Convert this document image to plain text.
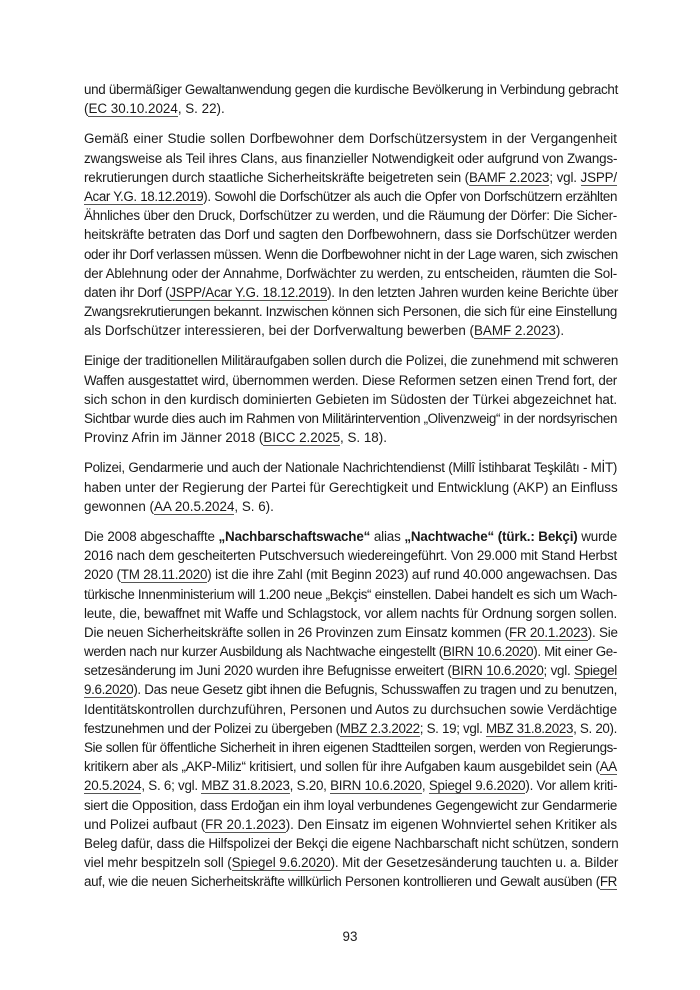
und übermäßiger Gewaltanwendung gegen die kurdische Bevölkerung in Verbindung gebracht
(EC 30.10.2024, S. 22).
Gemäß einer Studie sollen Dorfbewohner dem Dorfschützersystem in der Vergangenheit
zwangsweise als Teil ihres Clans, aus finanzieller Notwendigkeit oder aufgrund von Zwangs-
rekrutierungen durch staatliche Sicherheitskräfte beigetreten sein (BAMF 2.2023; vgl. JSPP/
Acar Y.G. 18.12.2019). Sowohl die Dorfschützer als auch die Opfer von Dorfschützern erzählten
Ähnliches über den Druck, Dorfschützer zu werden, und die Räumung der Dörfer: Die Sicher-
heitskräfte betraten das Dorf und sagten den Dorfbewohnern, dass sie Dorfschützer werden
oder ihr Dorf verlassen müssen. Wenn die Dorfbewohner nicht in der Lage waren, sich zwischen
der Ablehnung oder der Annahme, Dorfwächter zu werden, zu entscheiden, räumten die Sol-
daten ihr Dorf (JSPP/Acar Y.G. 18.12.2019). In den letzten Jahren wurden keine Berichte über
Zwangsrekrutierungen bekannt. Inzwischen können sich Personen, die sich für eine Einstellung
als Dorfschützer interessieren, bei der Dorfverwaltung bewerben (BAMF 2.2023).
Einige der traditionellen Militäraufgaben sollen durch die Polizei, die zunehmend mit schweren
Waffen ausgestattet wird, übernommen werden. Diese Reformen setzen einen Trend fort, der
sich schon in den kurdisch dominierten Gebieten im Südosten der Türkei abgezeichnet hat.
Sichtbar wurde dies auch im Rahmen von Militärintervention „Olivenzweig“ in der nordsyrischen
Provinz Afrin im Jänner 2018 (BICC 2.2025, S. 18).
Polizei, Gendarmerie und auch der Nationale Nachrichtendienst (Millî İstihbarat Teşkilâtı - MİT)
haben unter der Regierung der Partei für Gerechtigkeit und Entwicklung (AKP) an Einfluss
gewonnen (AA 20.5.2024, S. 6).
Die 2008 abgeschaffte „Nachbarschaftswache“ alias „Nachtwache“ (türk.: Bekçi) wurde
2016 nach dem gescheiterten Putschversuch wiedereingeführt. Von 29.000 mit Stand Herbst
2020 (TM 28.11.2020) ist die ihre Zahl (mit Beginn 2023) auf rund 40.000 angewachsen. Das
türkische Innenministerium will 1.200 neue „Bekçis“ einstellen. Dabei handelt es sich um Wach-
leute, die, bewaffnet mit Waffe und Schlagstock, vor allem nachts für Ordnung sorgen sollen.
Die neuen Sicherheitskräfte sollen in 26 Provinzen zum Einsatz kommen (FR 20.1.2023). Sie
werden nach nur kurzer Ausbildung als Nachtwache eingestellt (BIRN 10.6.2020). Mit einer Ge-
setzesänderung im Juni 2020 wurden ihre Befugnisse erweitert (BIRN 10.6.2020; vgl. Spiegel
9.6.2020). Das neue Gesetz gibt ihnen die Befugnis, Schusswaffen zu tragen und zu benutzen,
Identitätskontrollen durchzuführen, Personen und Autos zu durchsuchen sowie Verdächtige
festzunehmen und der Polizei zu übergeben (MBZ 2.3.2022; S. 19; vgl. MBZ 31.8.2023, S. 20).
Sie sollen für öffentliche Sicherheit in ihren eigenen Stadtteilen sorgen, werden von Regierungs-
kritikern aber als „AKP-Miliz“ kritisiert, und sollen für ihre Aufgaben kaum ausgebildet sein (AA
20.5.2024, S. 6; vgl. MBZ 31.8.2023, S.20, BIRN 10.6.2020, Spiegel 9.6.2020). Vor allem kriti-
siert die Opposition, dass Erdoğan ein ihm loyal verbundenes Gegengewicht zur Gendarmerie
und Polizei aufbaut (FR 20.1.2023). Den Einsatz im eigenen Wohnviertel sehen Kritiker als
Beleg dafür, dass die Hilfspolizei der Bekçi die eigene Nachbarschaft nicht schützen, sondern
viel mehr bespitzeln soll (Spiegel 9.6.2020). Mit der Gesetzesänderung tauchten u. a. Bilder
auf, wie die neuen Sicherheitskräfte willkürlich Personen kontrollieren und Gewalt ausüben (FR
93
